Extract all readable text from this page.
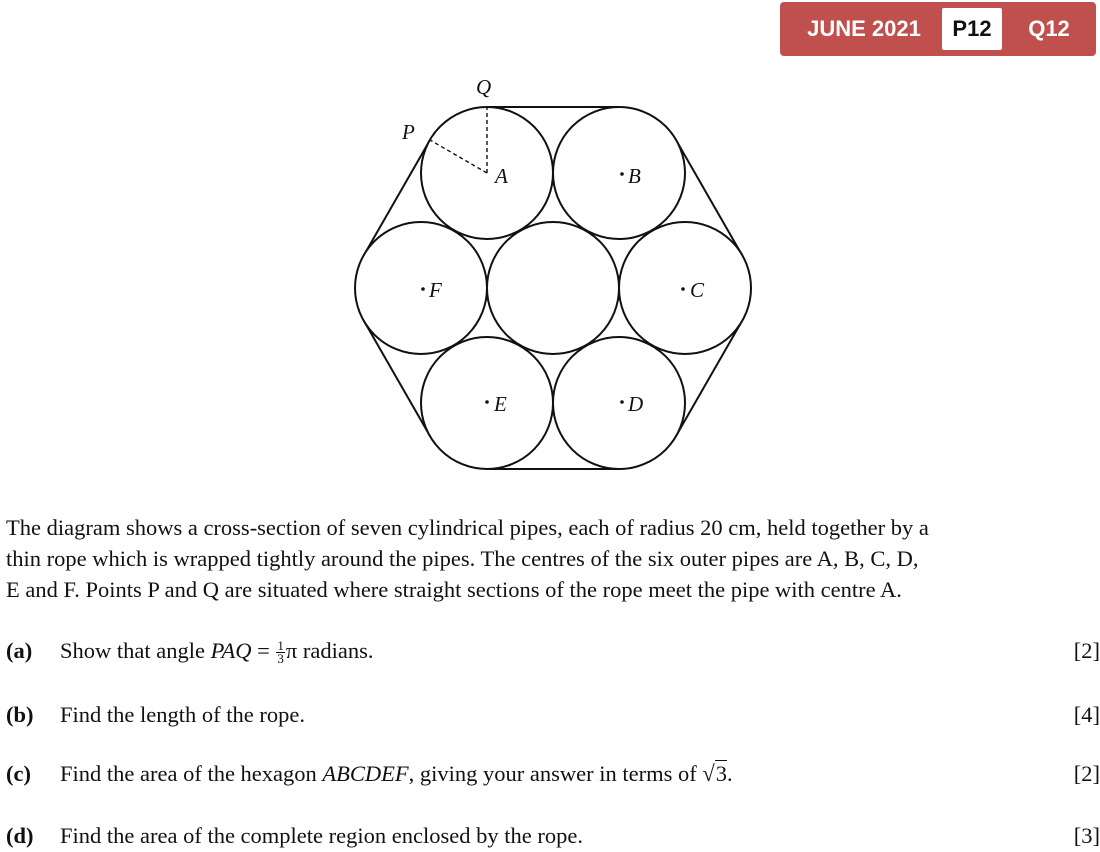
JUNE 2021	P12	Q12
P
Q
A	B
C
D
E
F
The diagram shows a cross-section of seven cylindrical pipes, each of radius 20 cm, held together by a
thin rope which is wrapped tightly around the pipes. The centres of the six outer pipes are A, B, C, D,
E and F. Points P and Q are situated where straight sections of the rope meet the pipe with centre A.
(a)	Show that angle PAQ = $\frac{1}{3}$ π radians.	[2]
(b)	Find the length of the rope.	[4]
(c)	Find the area of the hexagon ABCDEF, giving your answer in terms of √3.	[2]
(d)	Find the area of the complete region enclosed by the rope.	[3]
